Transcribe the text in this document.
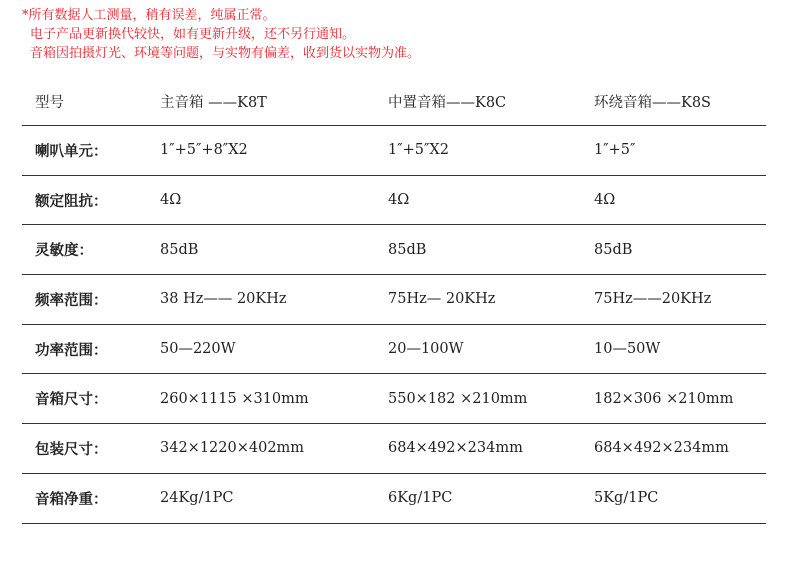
*所有数据人工测量，稍有误差，纯属正常。
电子产品更新换代较快，如有更新升级，还不另行通知。
音箱因拍摄灯光、环境等问题，与实物有偏差，收到货以实物为准。
型号	主音箱 ——K8T	中置音箱——K8C	环绕音箱——K8S
喇叭单元：	1″+5″+8″X2	1″+5″X2	1″+5″
额定阻抗：	4Ω	4Ω	4Ω
灵敏度：	85dB	85dB	85dB
频率范围：	38 Hz—— 20KHz	75Hz— 20KHz	75Hz——20KHz
功率范围：	50—220W	20—100W	10—50W
音箱尺寸：	260×1115 ×310mm	550×182 ×210mm	182×306 ×210mm
包装尺寸：	342×1220×402mm	684×492×234mm	684×492×234mm
音箱净重：	24Kg/1PC	6Kg/1PC	5Kg/1PC
